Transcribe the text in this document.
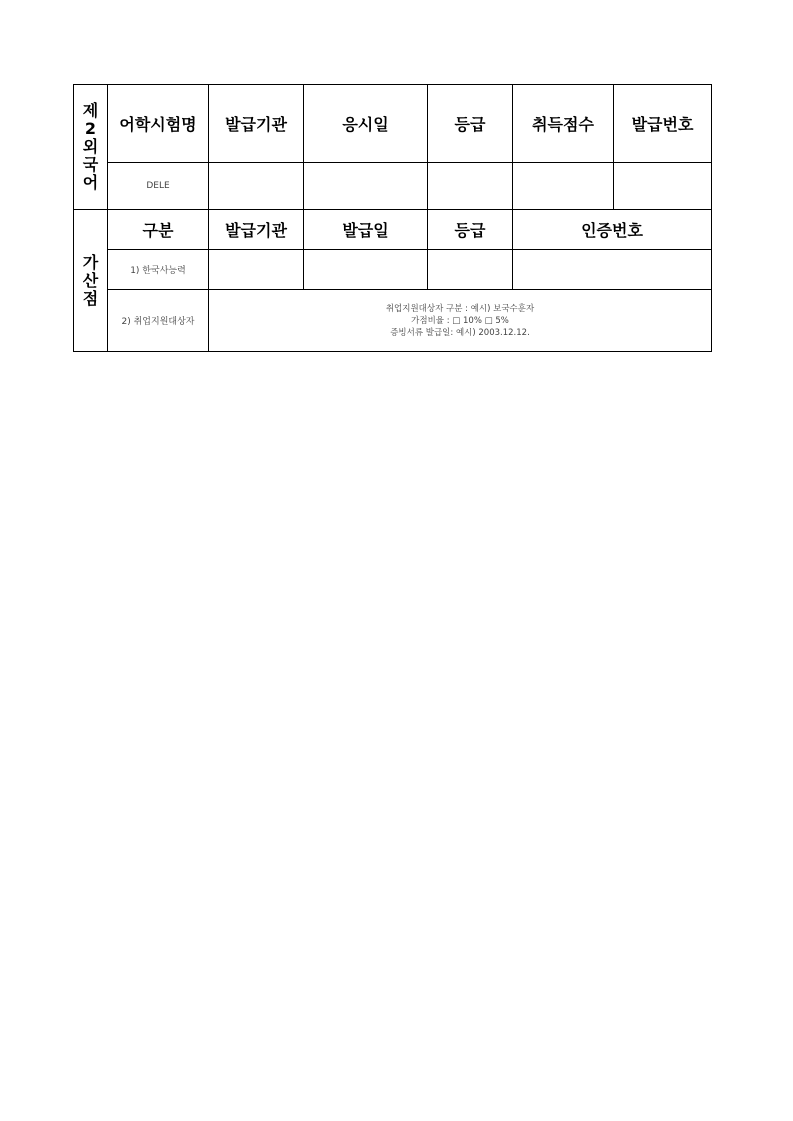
제
2
외
국
어	어학시험명	발급기관	응시일	등급	취득점수	발급번호
	DELE					

가
산
점	구분	발급기관	발급일	등급	인증번호	
	1) 한국사능력					
	2) 취업지원대상자	취업지원대상자 구분 : 예시) 보국수훈자
가점비율 : □ 10% □ 5%
증빙서류 발급일: 예시) 2003.12.12.				
